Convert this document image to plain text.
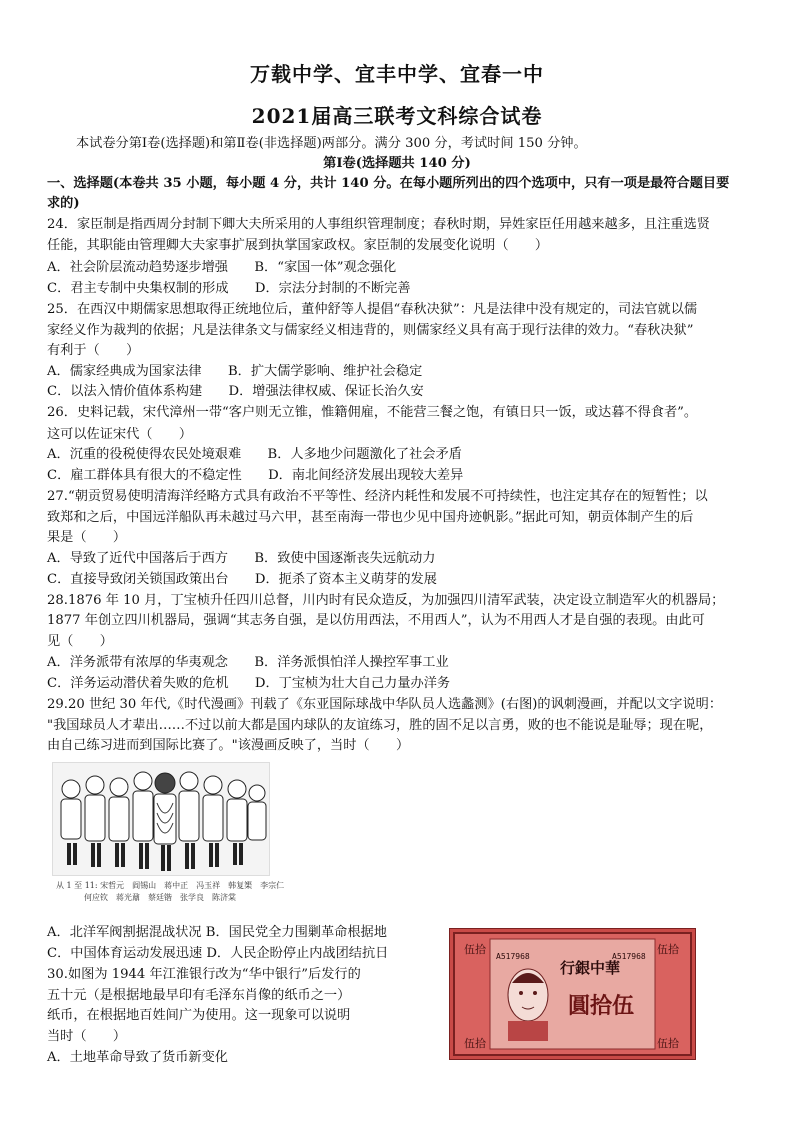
万载中学、宜丰中学、宜春一中
2021届高三联考文科综合试卷
本试卷分第Ⅰ卷(选择题)和第Ⅱ卷(非选择题)两部分。满分 300 分，考试时间 150 分钟。
第Ⅰ卷(选择题共 140 分)
一、选择题(本卷共 35 小题，每小题 4 分，共计 140 分。在每小题所列出的四个选项中，只有一项是最符合题目要
求的)
24．家臣制是指西周分封制下卿大夫所采用的人事组织管理制度；春秋时期，异姓家臣任用越来越多，且注重选贤
任能，其职能由管理卿大夫家事扩展到执掌国家政权。家臣制的发展变化说明（　　）
A．社会阶层流动趋势逐步增强　　B．“家国一体”观念强化
C．君主专制中央集权制的形成　　D．宗法分封制的不断完善
25．在西汉中期儒家思想取得正统地位后，董仲舒等人提倡“春秋决狱”：凡是法律中没有规定的，司法官就以儒
家经义作为裁判的依据；凡是法律条文与儒家经义相违背的，则儒家经义具有高于现行法律的效力。“春秋决狱”
有利于（　　）
A．儒家经典成为国家法律　　B．扩大儒学影响、维护社会稳定
C．以法入情价值体系构建　　D．增强法律权威、保证长治久安
26．史料记载，宋代漳州一带“客户则无立锥，惟籍佣雇，不能营三餐之饱，有镇日只一饭，或达暮不得食者”。
这可以佐证宋代（　　）
A．沉重的役税使得农民处境艰难　　B．人多地少问题激化了社会矛盾
C．雇工群体具有很大的不稳定性　　D．南北间经济发展出现较大差异
27.“朝贡贸易使明清海洋经略方式具有政治不平等性、经济内耗性和发展不可持续性，也注定其存在的短暂性；以
致郑和之后，中国远洋船队再未越过马六甲，甚至南海一带也少见中国舟迹帆影。”据此可知，朝贡体制产生的后
果是（　　）
A．导致了近代中国落后于西方　　B．致使中国逐渐丧失远航动力
C．直接导致闭关锁国政策出台　　D．扼杀了资本主义萌芽的发展
28.1876 年 10 月，丁宝桢升任四川总督，川内时有民众造反，为加强四川清军武装，决定设立制造军火的机器局；
1877 年创立四川机器局，强调“其志务自强，是以仿用西法，不用西人”，认为不用西人才是自强的表现。由此可
见（　　）
A．洋务派带有浓厚的华夷观念　　B．洋务派惧怕洋人操控军事工业
C．洋务运动潜伏着失败的危机　　D．丁宝桢为壮大自己力量办洋务
29.20 世纪 30 年代,《时代漫画》刊载了《东亚国际球战中华队员人选蠡测》(右图)的讽刺漫画，并配以文字说明：
"我国球员人才辈出……不过以前大都是国内球队的友谊练习，胜的固不足以言勇，败的也不能说是耻辱；现在呢，
由自己练习进而到国际比赛了。"该漫画反映了，当时（　　）
从 1 至 11: 宋哲元　阎锡山　蒋中正　冯玉祥　韩复榘　李宗仁
何应钦　蒋光鼐　蔡廷锴　张学良　陈济棠
A．北洋军阀割据混战状况 B．国民党全力围剿革命根据地
C．中国体育运动发展迅速 D．人民企盼停止内战团结抗日
30.如图为 1944 年江淮银行改为“华中银行”后发行的
五十元（是根据地最早印有毛泽东肖像的纸币之一）
纸币，在根据地百姓间广为使用。这一现象可以说明
当时（　　）
A．土地革命导致了货币新变化
伍拾	伍拾
伍拾	伍拾
A517968	A517968
行銀中華
圓拾伍
